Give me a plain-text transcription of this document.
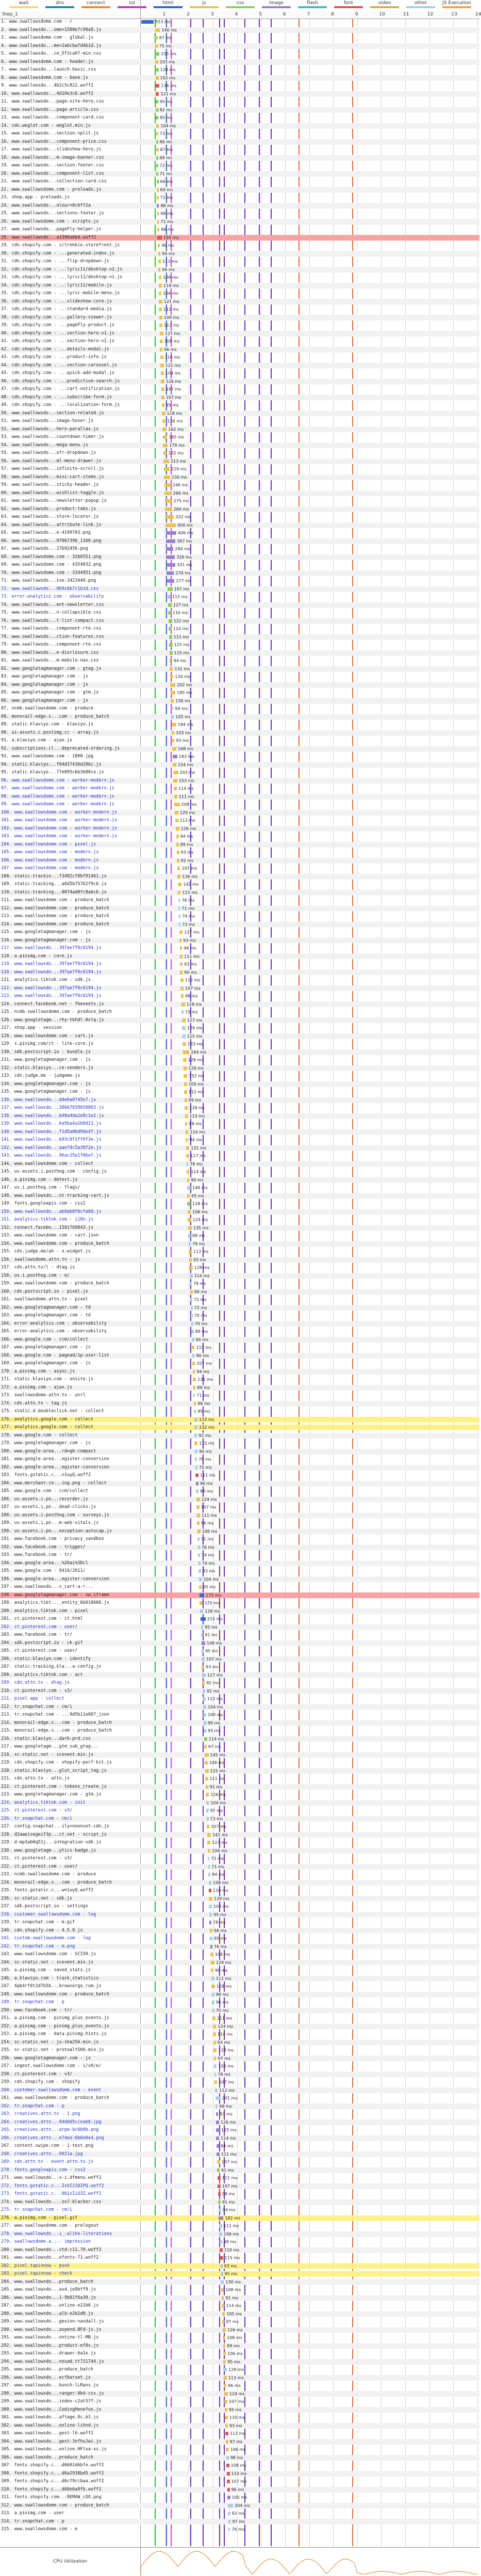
wait	dns	connect	ssl	html	js	css	image	flash	font	video	other	JS Execution
Step_1	1	2	3	4	5	6	7	8	9	10	11	12	13	14
1. www.swallowsdome.com - /	553 ms
2. www.swallowsdo...ome=1580e7c98a9.js	140 ms
3. www.swallowsdome.com - global.js	87 ms
4. www.swallowsdo...me=2a6cba7d4b1d.js	75 ms
5. www.swallowsdo...ce_5f3ca07-min.css	155 ms
6. www.swallowsdome.com - header.js	103 ms
7. www.swallowsdo...launch-basic.css	128 ms
8. www.swallowsdome.com - base.js	102 ms
9. www.swallowsdo...4b2c5c822.woff2	136 ms
10. www.swallowsdo...4d10e3c6.woff2	121 ms
11. www.swallowsdo...page-site-hero.css	95 ms
12. www.swallowsdo...page-article.css	82 ms
13. www.swallowsdo...component-card.css	85 ms
14. cdn.weglot.com - weglot.min.js	104 ms
15. www.swallowsdo...section-split.js	73 ms
16. www.swallowsdo...component-price.css	66 ms
17. www.swallowsdo...slideshow-hero.js	87 ms
18. www.swallowsdo...m-image-banner.css	69 ms
19. www.swallowsdo...section-footer.css	72 ms
20. www.swallowsdo...component-list.css	71 ms
21. www.swallowsdo...collection-card.css	66 ms
22. www.swallowsdome.com - preloads.js	69 ms
23. shop.app - preloads.js	71 ms
24. www.swallowsdo...olour=0cbff2a	88 ms
25. www.swallowsdo...sections-footer.js	68 ms
26. www.swallowsdome.com - scripts.js	71 ms
27. www.swallowsdo...pageFly-helper.js	86 ms
28. www.swallowsdo...a1380abb4.woff2	195 ms
29. cdn.shopify.com - s/trekkie.storefront.js	90 ms
30. cdn.shopify.com - ...generated-index.js	94 ms
31. cdn.shopify.com - ...flip-dropdown.js	113 ms
32. cdn.shopify.com - ...lyric11/desktop-v2.js	96 ms
33. cdn.shopify.com - ...lyric11/desktop-v1.js	109 ms
34. cdn.shopify.com - ...lyric11/mobile.js	118 ms
35. cdn.shopify.com - ...lyric-mobile-menu.js	104 ms
36. cdn.shopify.com - ...slideshow-core.js	121 ms
37. cdn.shopify.com - ...standard-media.js	112 ms
38. cdn.shopify.com - ...gallery-viewer.js	109 ms
39. cdn.shopify.com - ...pageFly-product.js	113 ms
40. cdn.shopify.com - ...section-hero-v1.js	127 ms
41. cdn.shopify.com - ...section-hero-v2.js	109 ms
42. cdn.shopify.com - ...details-modal.js	96 ms
43. cdn.shopify.com - ...product-info.js	116 ms
44. cdn.shopify.com - ...section-carousel.js	121 ms
45. cdn.shopify.com - ...quick-add-modal.js	104 ms
46. cdn.shopify.com - ...predictive-search.js	126 ms
47. cdn.shopify.com - ...cart-notification.js	107 ms
48. cdn.shopify.com - ...subscribe-form.js	107 ms
49. cdn.shopify.com - ...localization-form.js	95 ms
50. www.swallowsdo...section-related.js	118 ms
51. www.swallowsdo...image-hover.js	126 ms
52. www.swallowsdo...hero-parallax.js	162 ms
53. www.swallowsdo...countdown-timer.js	165 ms
54. www.swallowsdo...mega-menu.js	179 ms
55. www.swallowsdo...ofr-dropdown.js	132 ms
56. www.swallowsdo...ml-menu-drawer.js	213 ms
57. www.swallowsdo...infinite-scroll.js	219 ms
58. www.swallowsdo...mini-cart-items.js	230 ms
59. www.swallowsdo...sticky-header.js	246 ms
60. www.swallowsdo...wishlist-toggle.js	266 ms
61. www.swallowsdo...newsletter-popup.js	275 ms
62. www.swallowsdo...product-tabs.js	284 ms
63. www.swallowsdo...store-locator.js	322 ms
64. www.swallowsdo...attribute-link.js	400 ms
65. www.swallowsdo...e-4199703.png	406 ms
66. www.swallowsdo...07067396_1160.png	367 ms
67. www.swallowsdo...27b92456.png	284 ms
68. www.swallowsdome.com - 3266551.png	326 ms
69. www.swallowsdome.com - 4354032.png	331 ms
70. www.swallowsdome.com - 3344951.png	274 ms
71. www.swallowsdo...sse-3423440.png	277 ms
72. www.swallowsdo...0b9c6b7c1b1d.css	197 ms
73. error-analytics.com - observability	115 ms
74. www.swallowsdo...ent-newsletter.css	127 ms
75. www.swallowsdo...n-collapsible.css	116 ms
76. www.swallowsdo...t-list-compact.css	122 ms
77. www.swallowsdo...component-rte.css	114 ms
78. www.swallowsdo...ction-features.css	112 ms
79. www.swallowsdo...component-rte.css	125 ms
80. www.swallowsdo...e-disclosure.css	115 ms
81. www.swallowsdo...m-mobile-nav.css	94 ms
82. www.googletagmanager.com - gtag.js	131 ms
83. www.googletagmanager.com - js	134 ms
84. www.googletagmanager.com - js	202 ms
85. www.googletagmanager.com - gtm.js	185 ms
86. www.googletagmanager.com - js	130 ms
87. ncmb.swallowsdome.com - produce	94 ms
88. monorail-edge.s...com - produce_batch	105 ms
89. static.klaviyo.com - klaviyo.js	184 ms
90. ui-assets.c.postimg.cc - array.js	103 ms
91. a.klaviyo.com - ajax.js	93 ms
92. subscriptions-cl...deprecated-ordering.js	168 ms
93. www.swallowsdome.com - 1000.jpg	183 ms
94. static.klaviyo...f04d37436d28bc.js	154 ms
95. static.klaviyo...77e095cbb3b80ce.js	203 ms
96. www.swallowsdome.com - worker-modern.js	153 ms
97. www.swallowsdome.com - worker-modern.js	114 ms
98. www.swallowsdome.com - worker-modern.js	111 ms
99. www.swallowsdome.com - worker-modern.js	208 ms
100. www.swallowsdome.com - worker-modern.js	129 ms
101. www.swallowsdome.com - worker-modern.js	113 ms
102. www.swallowsdome.com - worker-modern.js	126 ms
103. www.swallowsdome.com - worker-modern.js	94 ms
104. www.swallowsdome.com - pixel.js	89 ms
105. www.swallowsdome.com - modern.js	93 ms
106. www.swallowsdome.com - modern.js	92 ms
107. www.swallowsdome.com - modern.js	107 ms
108. static-trackin...f3482cf8bf91461.js	136 ms
109. static-tracking...a6d5b75762f9cb.js	142 ms
110. static-tracking...0074ad0fc8abcb.js	115 ms
111. www.swallowsdome.com - produce_batch	76 ms
112. www.swallowsdome.com - produce_batch	71 ms
113. www.swallowsdome.com - produce_batch	74 ms
114. www.swallowsdome.com - produce_batch	73 ms
115. www.googletagmanager.com - js	127 ms
116. www.googletagmanager.com - js	93 ms
117. www.swallowsdo...397ae7f0c6194.js	94 ms
118. a.pinimg.com - core.js	111 ms
119. www.swallowsdo...397ae7f0c6194.js	92 ms
120. www.swallowsdo...397ae7f0c6194.js	90 ms
121. analytics.tiktok.com - sdk.js	112 ms
122. www.swallowsdo...397ae7f0c6194.js	107 ms
123. www.swallowsdo...397ae7f0c6194.js	98 ms
124. connect.facebook.net - fbevents.js	128 ms
125. ncmb.swallowsdome.com - produce_batch	73 ms
126. www.googletagm...rhy-tkhdl-0xlq.js	127 ms
127. shop.app - session	129 ms
128. www.swallowsdome.com - cart.js	115 ms
129. s.pinimg.com/ct - lite-core.js	133 ms
130. sdk.postscript.io - bundle.js	244 ms
131. www.googletagmanager.com - js	128 ms
132. static.klaviyo...ce-vendors.js	126 ms
133. cdn.judge.me - judgeme.js	152 ms
134. www.googletagmanager.com - js	109 ms
135. www.googletagmanager.com - js	112 ms
136. www.swallowsdo...dde6a0745e7.js	99 ms
137. www.swallowsdo...38667839650003.js	128 ms
138. www.swallowsdo...b48a4da2e8c1e2.js	113 ms
139. www.swallowsdo...6a5ba4a1b0d23.js	98 ms
140. www.swallowsdo...f1d5a06d9de4f.js	114 ms
141. www.swallowsdo...b93c9f2ff8f3e.js	94 ms
142. www.swallowsdo...aaef4c5a39f2e.js	131 ms
143. www.swallowsdo...96ac35e1f8bef.js	117 ms
144. www.swallowsdome.com - collect	76 ms
145. us-assets.i.posthog.com - config.js	114 ms
146. a.pinimg.com - detect.js	90 ms
147. us.i.posthog.com - flags/	146 ms
148. www.swallowsdo...nt-tracking-cart.js	95 ms
149. fonts.googleapis.com - css2	128 ms
150. www.swallowsdo...ab8ab8fbcfa0d.js	106 ms
151. analytics.tiktok.com - i18n.js	124 ms
152. connect.facebo...1581769843.js	135 ms
153. www.swallowsdome.com - cart.json	88 ms
154. www.swallowsdome.com - produce_batch	79 ms
155. cdn.judge.me/ah - x.widget.js	113 ms
156. swallowsdome.attn.tv - js	93 ms
157. cdn.attn.tv/l - dtag.js	128 ms
158. us.i.posthog.com - e/	114 ms
159. www.swallowsdome.com - produce_batch	78 ms
160. cdn.postscript.io - pixel.js	96 ms
161. swallowsdome.attn.tv - pixel	72 ms
162. www.googletagmanager.com - td	72 ms
163. www.googletagmanager.com - td	70 ms
164. error-analytics.com - observability	70 ms
165. error-analytics.com - observability	89 ms
166. www.google.com - ccm/collect	94 ms
167. www.googletagmanager.com - js	115 ms
168. www.google.com - pagead/1p-user-list	90 ms
169. www.googletagmanager.com - js	107 ms
170. a.pinimg.com - async.js	94 ms
171. static.klaviyo.com - onsite.js	131 ms
172. a.pinimg.com - ajax.js	89 ms
173. swallowsdome.attn.tv - unrl	71 ms
174. cdn.attn.tv - tag.js	96 ms
175. static.d.doubleclick.net - collect	95 ms
176. analytics.google.com - collect	133 ms
177. analytics.google.com - collect	132 ms
178. www.google.com - collect	92 ms
179. www.googletagmanager.com - js	115 ms
180. www.google-area...rd=gb-compact	90 ms
181. www.google-area...egister-conversion	76 ms
182. www.google-area...egister-conversion	75 ms
183. fonts.gstatic.c...n1uyQ.woff2	111 ms
184. www.merchant-ce...ing.png - collect	96 ms
185. www.google.com - ccm/collect	88 ms
186. us-assets.i.po...recorder.js	124 ms
187. us-assets.i.po...dead-clicks.js	107 ms
188. us-assets.i.posthog.com - surveys.js	111 ms
189. us-assets.i.po...m-web-vitals.js	96 ms
190. us-assets.i.po...exception-autocap.js	106 ms
191. www.facebook.com - privacy_sandbox	71 ms
192. www.facebook.com - trigger/	76 ms
193. www.facebook.com - tr/	74 ms
194. www.google-area...%26ai%3Dcl	74 ms
195. www.google.com - 9416/2011/	93 ms
196. www.google-area...egister-conversion	104 ms
197. www.swallowsdo...s_cart-a-r...	95 ms
198. www.googletagmanager.com - sw_iframe	175 ms
199. analytics.tikt..._entity_6b018686.js	125 ms
200. analytics.tiktok.com - pixel	128 ms
201. ct.pinterest.com - ct.html	215 ms
202. ct.pinterest.com - user/	95 ms
203. www.facebook.com - tr/	91 ms
204. sdk.postscript.io - ck.gif	148 ms
205. ct.pinterest.com - user/	95 ms
206. static.klaviyo.com - identify	107 ms
207. static-tracking.kla...a-config.js	93 ms
208. analytics.tiktok.com - act	127 ms
209. cdn.attn.tv - dtag.js	92 ms
210. ct.pinterest.com - v3/	91 ms
211. pixel.app - collect	112 ms
212. tr.snapchat.com - cm/i	104 ms
213. tr.snapchat.com - ...9d5b11e887_json	109 ms
214. monorail-edge.s...com - produce_batch	99 ms
215. monorail-edge.s...com - produce_batch	95 ms
216. static.klaviyo...dark-prd.css	114 ms
217. www.googletagm...gtm_sub_gtag...	97 ms
218. sc-static.net - scevent.min.js	145 ms
219. cdn.shopify.com - shopify-perf-kit.js	108 ms
220. static.klaviyo...glut_script_tag.js	125 ms
221. cdn.attn.tv - attn.js	111 ms
222. ct.pinterest.com - tokens_create.js	91 ms
223. www.googletagmanager.com - gtm.js	126 ms
224. analytics.tiktok.com - init	104 ms
225. ct.pinterest.com - v3/	97 ms
226. tr.snapchat.com - cm/i	73 ms
227. config.snapchat...ily=noonset-cdn.js	107 ms
228. d2aaeisegeif3p...ct.net - script.js	141 ms
229. d-mp3ab0q51j...integration-sdk.js	123 ms
230. www.googletagm...ytics-badge.js	104 ms
231. ct.pinterest.com - v3/	73 ms
232. ct.pinterest.com - user/	71 ms
233. ncmb.swallowsdome.com - produce	94 ms
234. monorail-edge.s...com - produce_batch	108 ms
235. fonts.gstatic.c...wn1uyQ.woff2	110 ms
236. sc-static.net - sdk.js	129 ms
237. sdk.postscript.io - settings	103 ms
238. customer.swallowsdome.com - log	95 ms
239. tr.snapchat.com - m.gif	78 ms
240. cdn.shopify.com - 4.5.8.js	96 ms
241. custom.swallowsdome.com - log	95 ms
242. tr.snapchat.com - m.png	76 ms
243. www.swallowsdome.com - SCI50.js	106 ms
244. sc-static.net - scevent.min.js	129 ms
245. a.pinimg.com - saved_stats.js	96 ms
246. a.klaviyo.com - track_statistics	112 ms
247. 4qb4rf8t2d7b5b...browsergo_rum.js	128 ms
248. www.swallowsdome.com - produce_batch	98 ms
249. tr.snapchat.com - p	96 ms
250. www.facebook.com - tr/	75 ms
251. a.pinimg.com - pinimg_plus_events.js	111 ms
252. a.pinimg.com - pinimg_plus_events.js	124 ms
253. a.pinimg.com - data.pinimg.hints.js	114 ms
254. sc-static.net - js-sha256.min.js	93 ms
255. sc-static.net - protoaltSHA.min.js	128 ms
256. www.googletagmanager.com - js	97 ms
257. ingest.swallowsdome.com - i/v0/e/	106 ms
258. ct.pinterest.com - v3/	76 ms
259. cdn.shopify.com - shopify	107 ms
260. customer.swallowsdome.com - event	112 ms
261. www.swallowsdome.com - produce_batch	201 ms
262. tr.snapchat.com - p	98 ms
263. creatives.attn.tv - 1.png	93 ms
264. creatives.attn...94ddd5cceab6.jpg	126 ms
265. creatives.attn...arpe-bc6b0b.png	125 ms
266. creatives.attn...e74ea-6b6e0e4.png	114 ms
267. content.swipe.com - 1-test.png	94 ms
268. creatives.attn...0021a.jpg	111 ms
269. cdn.attn.tv - event.attn.tv.js	107 ms
270. fonts.googleapis.com - css2	91 ms
271. www.swallowsdo...s-i.dfmenu.woff2	111 ms
272. fonts.gstatic.c...IsVI21DIPQ.woff2	107 ms
273. fonts.gstatic.c...0b1sIiU3Z.woff2	98 ms
274. www.swallowsdo...-zx7-blacker.css	91 ms
275. tr.snapchat.com - cm/i	94 ms
276. a.pinimg.com - pixel.gif	182 ms
277. www.swallowsdome.com - prelogout	112 ms
278. www.swallowsdo...i_.alike-literations	106 ms
279. swallowsdome.a...- impression	98 ms
280. www.swallowsdo...vtd-c11.70.woff2	110 ms
281. www.swallowsdo...ofonts-71.woff2	115 ms
282. pixel.tapinnow - push	93 ms
283. pixel.tapinnow - check	95 ms
284. www.swallowsdo...produce_batch	130 ms
285. www.swallowsdo...asd.je9bff9.js	108 ms
286. www.swallowsdo...1-9b01f6a30.js	91 ms
287. www.swallowsdo...online-e21b0.js	114 ms
288. www.swallowsdo...alb-e2b2d0.js	105 ms
289. www.swallowsdo...gesion-nasdall.js	97 ms
290. www.swallowsdo...aspend.BFd-js.js	126 ms
291. www.swallowsdo...ontine-tl-MN.js	108 ms
292. www.swallowsdo...product-ef8s.js	99 ms
293. www.swallowsdo...drawer-6a1e.js	106 ms
294. www.swallowsdo...nosad.tt721744.js	95 ms
295. www.swallowsdo...produce_batch	128 ms
296. www.swallowsdo...ecfbarset.js	113 ms
297. www.swallowsdo...bunch-lLRans.js	96 ms
298. www.swallowsdo...ranger-8b4-css.js	124 ms
299. www.swallowsdo...index-c2at57f.js	107 ms
300. www.swallowsdo...CodingHenefox.js	95 ms
301. www.swallowsdo...aftage.8c.b3.js	110 ms
302. www.swallowsdo...online-lihnd.js	93 ms
303. www.swallowsdo...gest-l6.woff2	112 ms
304. www.swallowsdo...gest-3ofhuJwi.js	97 ms
305. www.swallowsdo...online.HFlxa-xs.js	106 ms
306. www.swallowsdo...produce_batch	98 ms
307. fonts.shopify.c...d6601d6bfe.woff2	108 ms
308. fonts.shopify.c...d6a2938bd5.woff2	114 ms
309. fonts.shopify.c...d6cf9ccbaa.woff2	107 ms
310. fonts.shopify.c...d68e6a9fb.woff2	96 ms
311. fonts.shopify.com...REMAW_cOO.png	105 ms
312. www.swallowsdome.com - produce_batch	204 ms
313. a.pinimg.com - user	92 ms
314. tr.snapchat.com - p	97 ms
315. www.swallowsdome.com - e	76 ms
CPU Utilization
